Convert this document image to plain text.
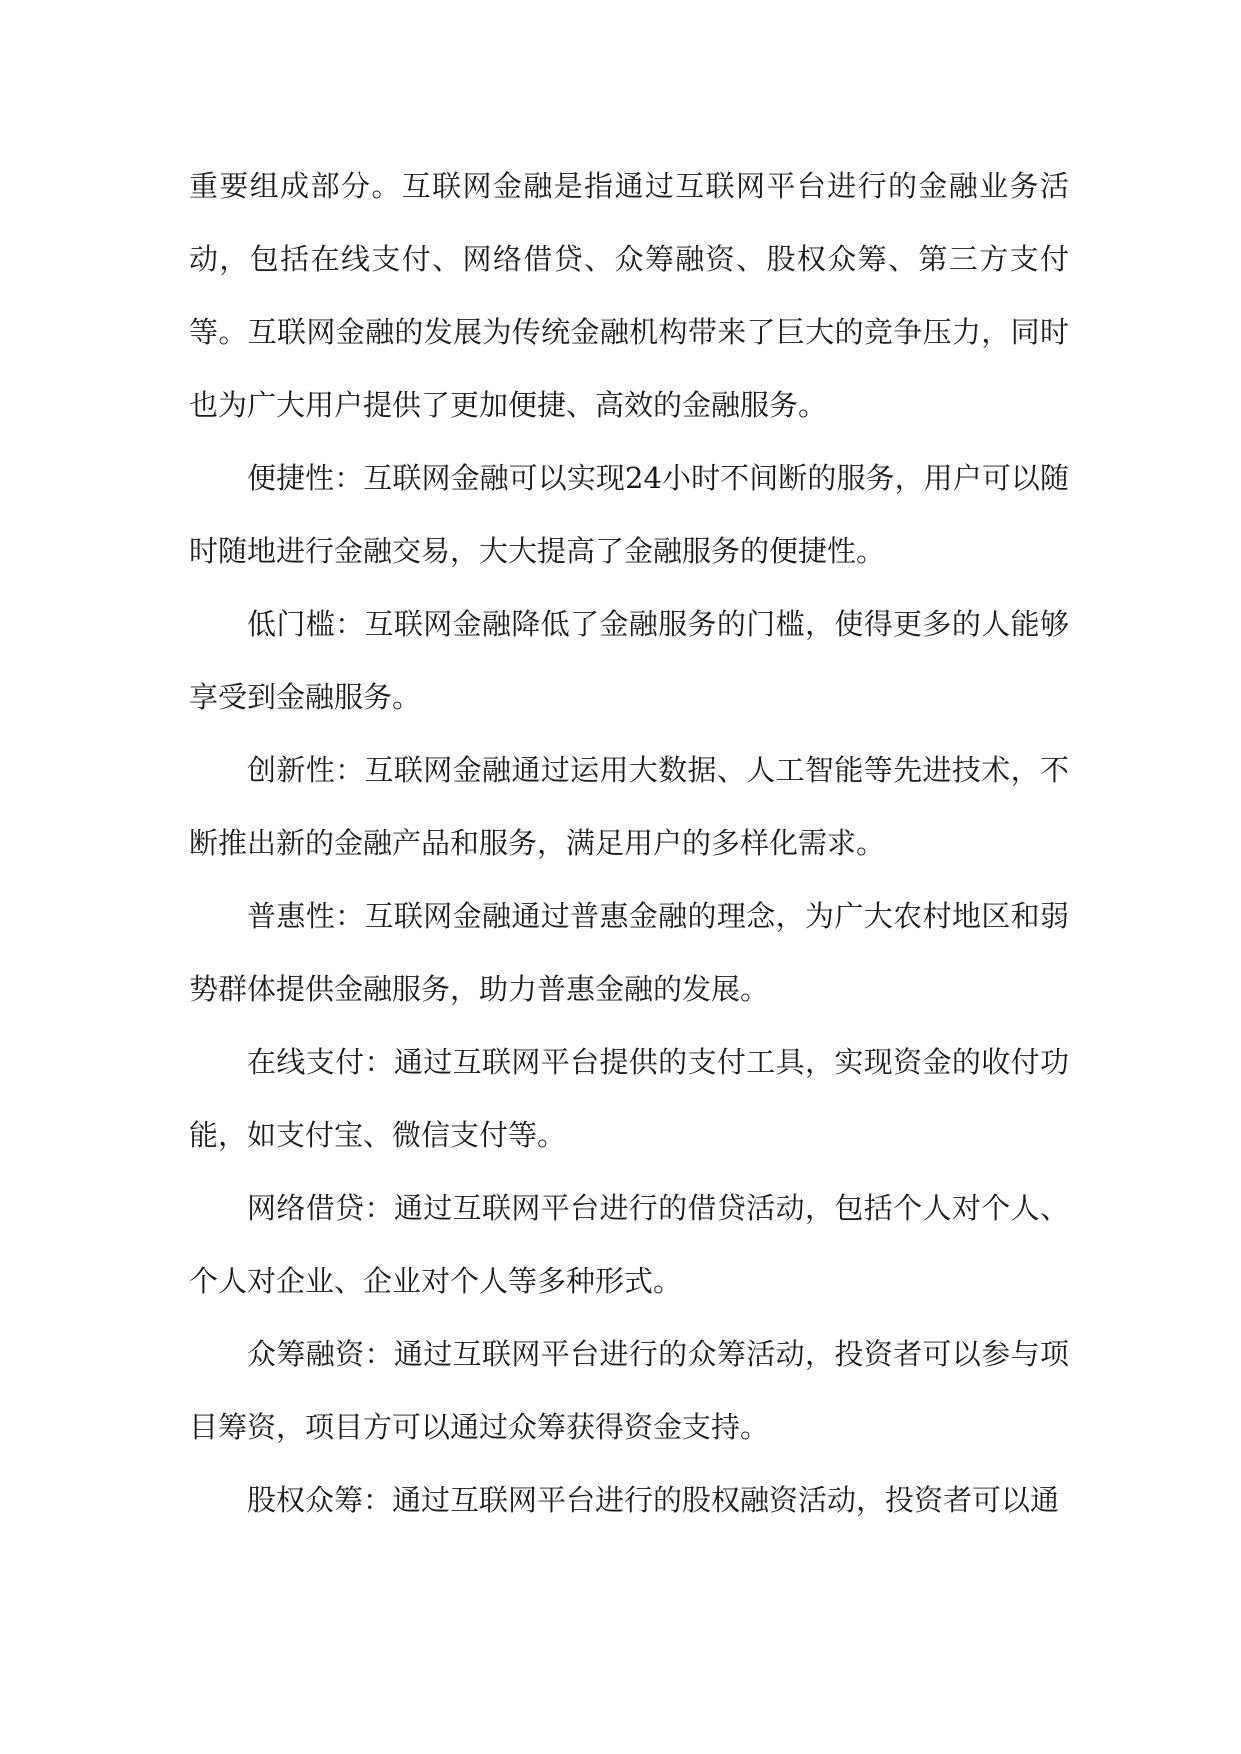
重要组成部分。互联网金融是指通过互联网平台进行的金融业务活动，包括在线支付、网络借贷、众筹融资、股权众筹、第三方支付等。互联网金融的发展为传统金融机构带来了巨大的竞争压力，同时也为广大用户提供了更加便捷、高效的金融服务。

便捷性：互联网金融可以实现24小时不间断的服务，用户可以随时随地进行金融交易，大大提高了金融服务的便捷性。

低门槛：互联网金融降低了金融服务的门槛，使得更多的人能够享受到金融服务。

创新性：互联网金融通过运用大数据、人工智能等先进技术，不断推出新的金融产品和服务，满足用户的多样化需求。

普惠性：互联网金融通过普惠金融的理念，为广大农村地区和弱势群体提供金融服务，助力普惠金融的发展。

在线支付：通过互联网平台提供的支付工具，实现资金的收付功能，如支付宝、微信支付等。

网络借贷：通过互联网平台进行的借贷活动，包括个人对个人、个人对企业、企业对个人等多种形式。

众筹融资：通过互联网平台进行的众筹活动，投资者可以参与项目筹资，项目方可以通过众筹获得资金支持。

股权众筹：通过互联网平台进行的股权融资活动，投资者可以通
